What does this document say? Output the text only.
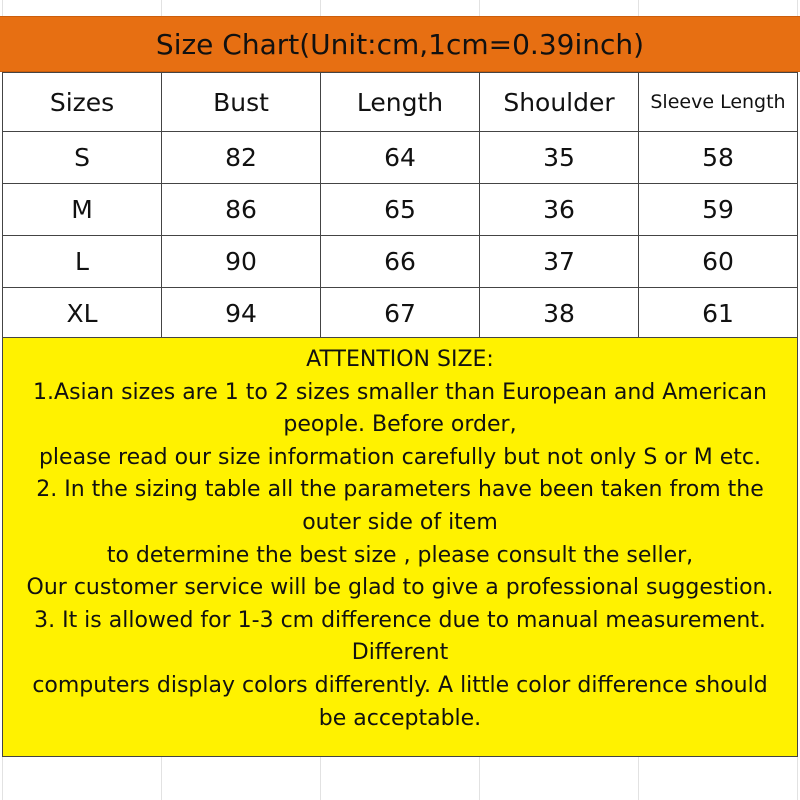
Size Chart(Unit:cm,1cm=0.39inch)
Sizes	Bust	Length	Shoulder	Sleeve Length
S	82	64	35	58
M	86	65	36	59
L	90	66	37	60
XL	94	67	38	61
ATTENTION SIZE:
1.Asian sizes are 1 to 2 sizes smaller than European and American
people. Before order,
please read our size information carefully but not only S or M etc.
2. In the sizing table all the parameters have been taken from the
outer side of item
to determine the best size , please consult the seller,
Our customer service will be glad to give a professional suggestion.
3. It is allowed for 1-3 cm difference due to manual measurement.
Different
computers display colors differently. A little color difference should
be acceptable.
